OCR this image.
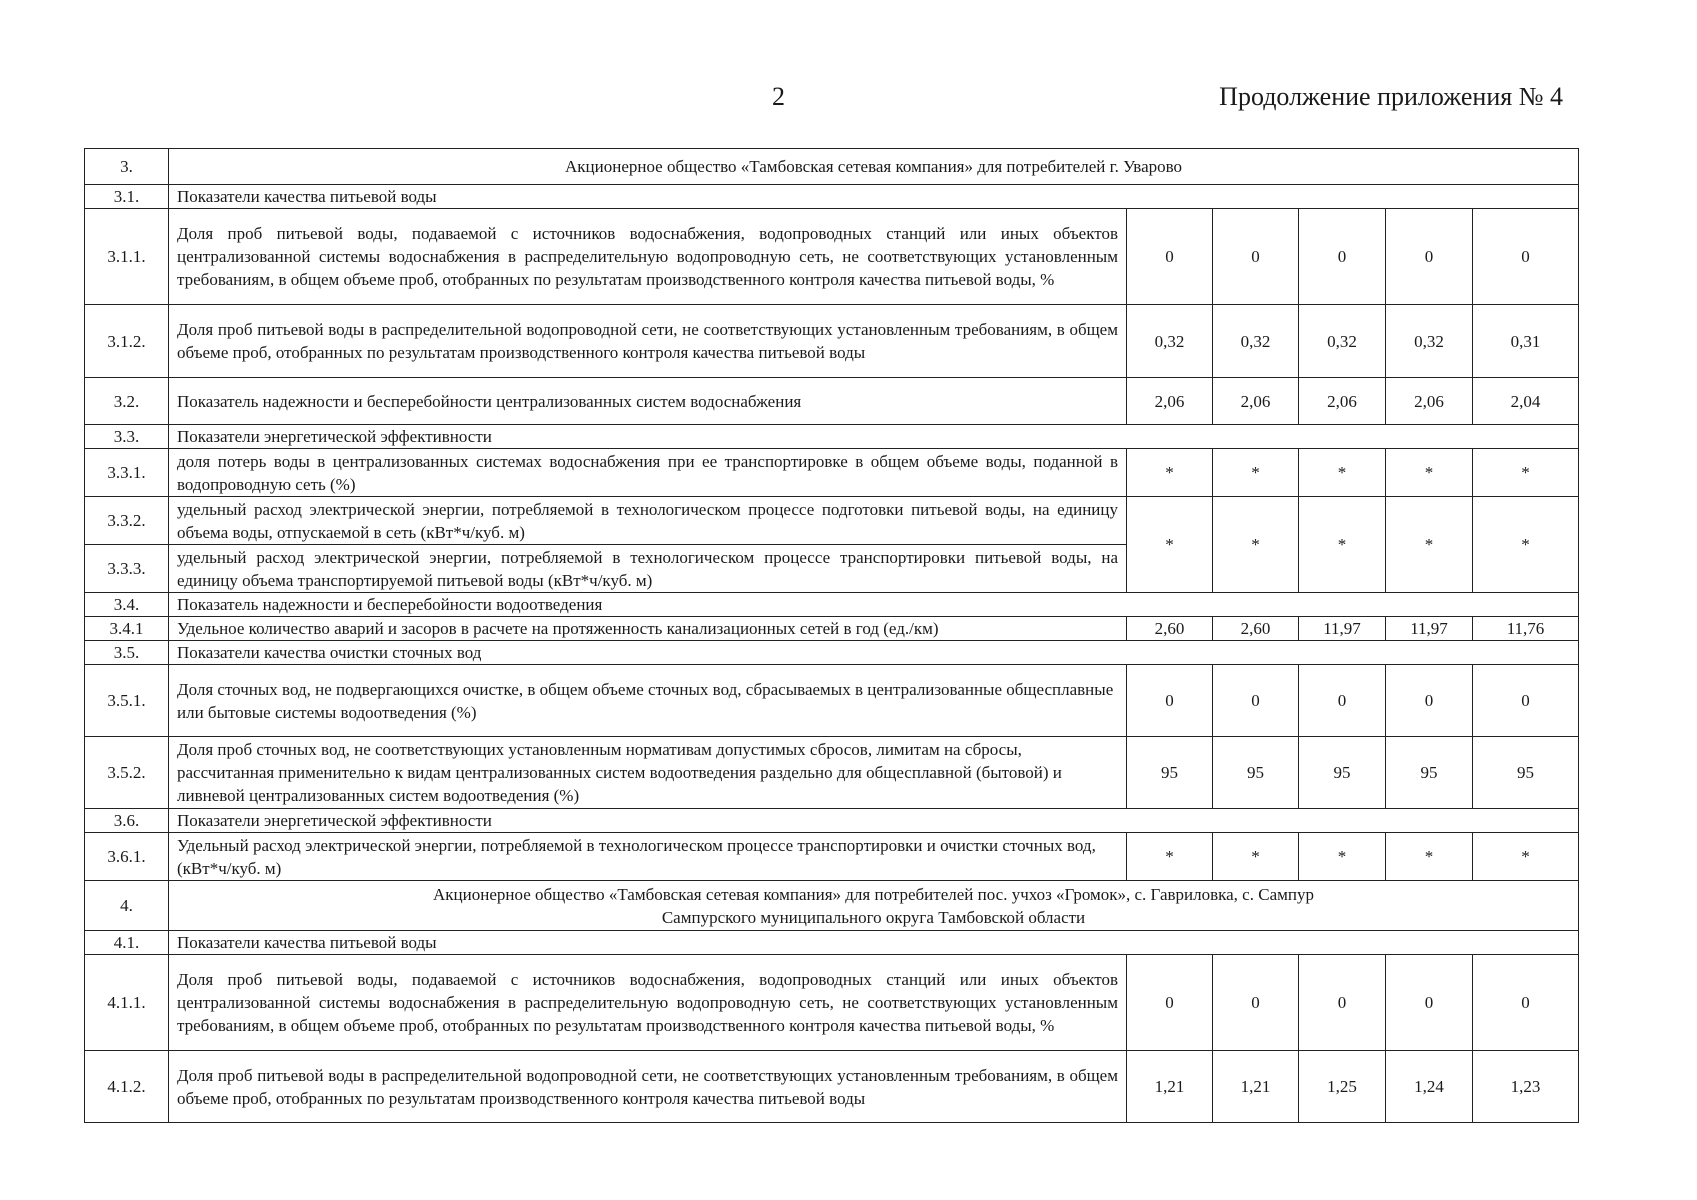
2	Продолжение приложения № 4
3.	Акционерное общество «Тамбовская сетевая компания» для потребителей г. Уварово					
3.1.	Показатели качества питьевой воды					
3.1.1.	Доля проб питьевой воды, подаваемой с источников водоснабжения, водопроводных станций или иных объектов централизованной системы водоснабжения в распределительную водопроводную сеть, не соответствующих установленным требованиям, в общем объеме проб, отобранных по результатам производственного контроля качества питьевой воды, %	0	0	0	0	0
3.1.2.	Доля проб питьевой воды в распределительной водопроводной сети, не соответствующих установленным требованиям, в общем объеме проб, отобранных по результатам производственного контроля качества питьевой воды	0,32	0,32	0,32	0,32	0,31
3.2.	Показатель надежности и бесперебойности централизованных систем водоснабжения	2,06	2,06	2,06	2,06	2,04
3.3.	Показатели энергетической эффективности					
3.3.1.	доля потерь воды в централизованных системах водоснабжения при ее транспортировке в общем объеме воды, поданной в водопроводную сеть (%)	*	*	*	*	*
3.3.2.	удельный расход электрической энергии, потребляемой в технологическом процессе подготовки питьевой воды, на единицу объема воды, отпускаемой в сеть (кВт*ч/куб. м)	*	*	*	*	*
3.3.3.	удельный расход электрической энергии, потребляемой в технологическом процессе транспортировки питьевой воды, на единицу объема транспортируемой питьевой воды (кВт*ч/куб. м)					
3.4.	Показатель надежности и бесперебойности водоотведения					
3.4.1	Удельное количество аварий и засоров в расчете на протяженность канализационных сетей в год (ед./км)	2,60	2,60	11,97	11,97	11,76
3.5.	Показатели качества очистки сточных вод					
3.5.1.	Доля сточных вод, не подвергающихся очистке, в общем объеме сточных вод, сбрасываемых в централизованные общесплавные или бытовые системы водоотведения (%)	0	0	0	0	0
3.5.2.	Доля проб сточных вод, не соответствующих установленным нормативам допустимых сбросов, лимитам на сбросы, рассчитанная применительно к видам централизованных систем водоотведения раздельно для общесплавной (бытовой) и ливневой централизованных систем водоотведения (%)	95	95	95	95	95
3.6.	Показатели энергетической эффективности					
3.6.1.	Удельный расход электрической энергии, потребляемой в технологическом процессе транспортировки и очистки сточных вод, (кВт*ч/куб. м)	*	*	*	*	*
4.	Акционерное общество «Тамбовская сетевая компания» для потребителей пос. учхоз «Громок», с. Гавриловка, с. Сампур
Сампурского муниципального округа Тамбовской области					

4.1.	Показатели качества питьевой воды					
4.1.1.	Доля проб питьевой воды, подаваемой с источников водоснабжения, водопроводных станций или иных объектов централизованной системы водоснабжения в распределительную водопроводную сеть, не соответствующих установленным требованиям, в общем объеме проб, отобранных по результатам производственного контроля качества питьевой воды, %	0	0	0	0	0
4.1.2.	Доля проб питьевой воды в распределительной водопроводной сети, не соответствующих установленным требованиям, в общем объеме проб, отобранных по результатам производственного контроля качества питьевой воды	1,21	1,21	1,25	1,24	1,23
